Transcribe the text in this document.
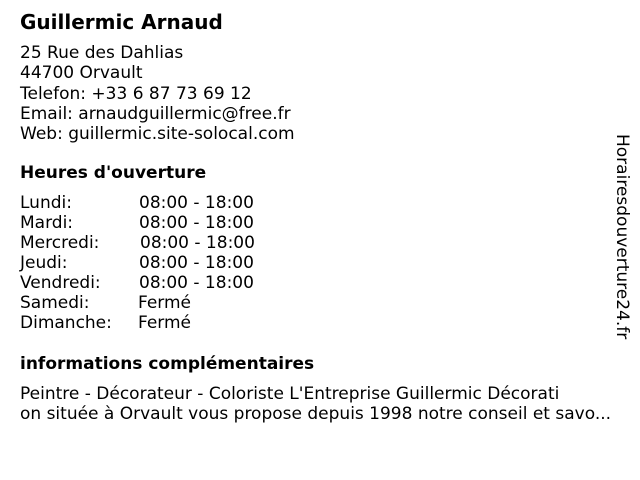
Guillermic Arnaud
25 Rue des Dahlias
44700 Orvault
Telefon: +33 6 87 73 69 12
Email: arnaudguillermic@free.fr
Web: guillermic.site-solocal.com
Heures d'ouverture
Lundi:	08:00 - 18:00
Mardi:	08:00 - 18:00
Mercredi: 08:00 - 18:00
Jeudi:	08:00 - 18:00
Vendredi: 08:00 - 18:00
Samedi:	Fermé
Dimanche: Fermé
informations complémentaires
Peintre - Décorateur - Coloriste L'Entreprise Guillermic Décorati
on située à Orvault vous propose depuis 1998 notre conseil et savo...
Horairesdouverture24.fr
